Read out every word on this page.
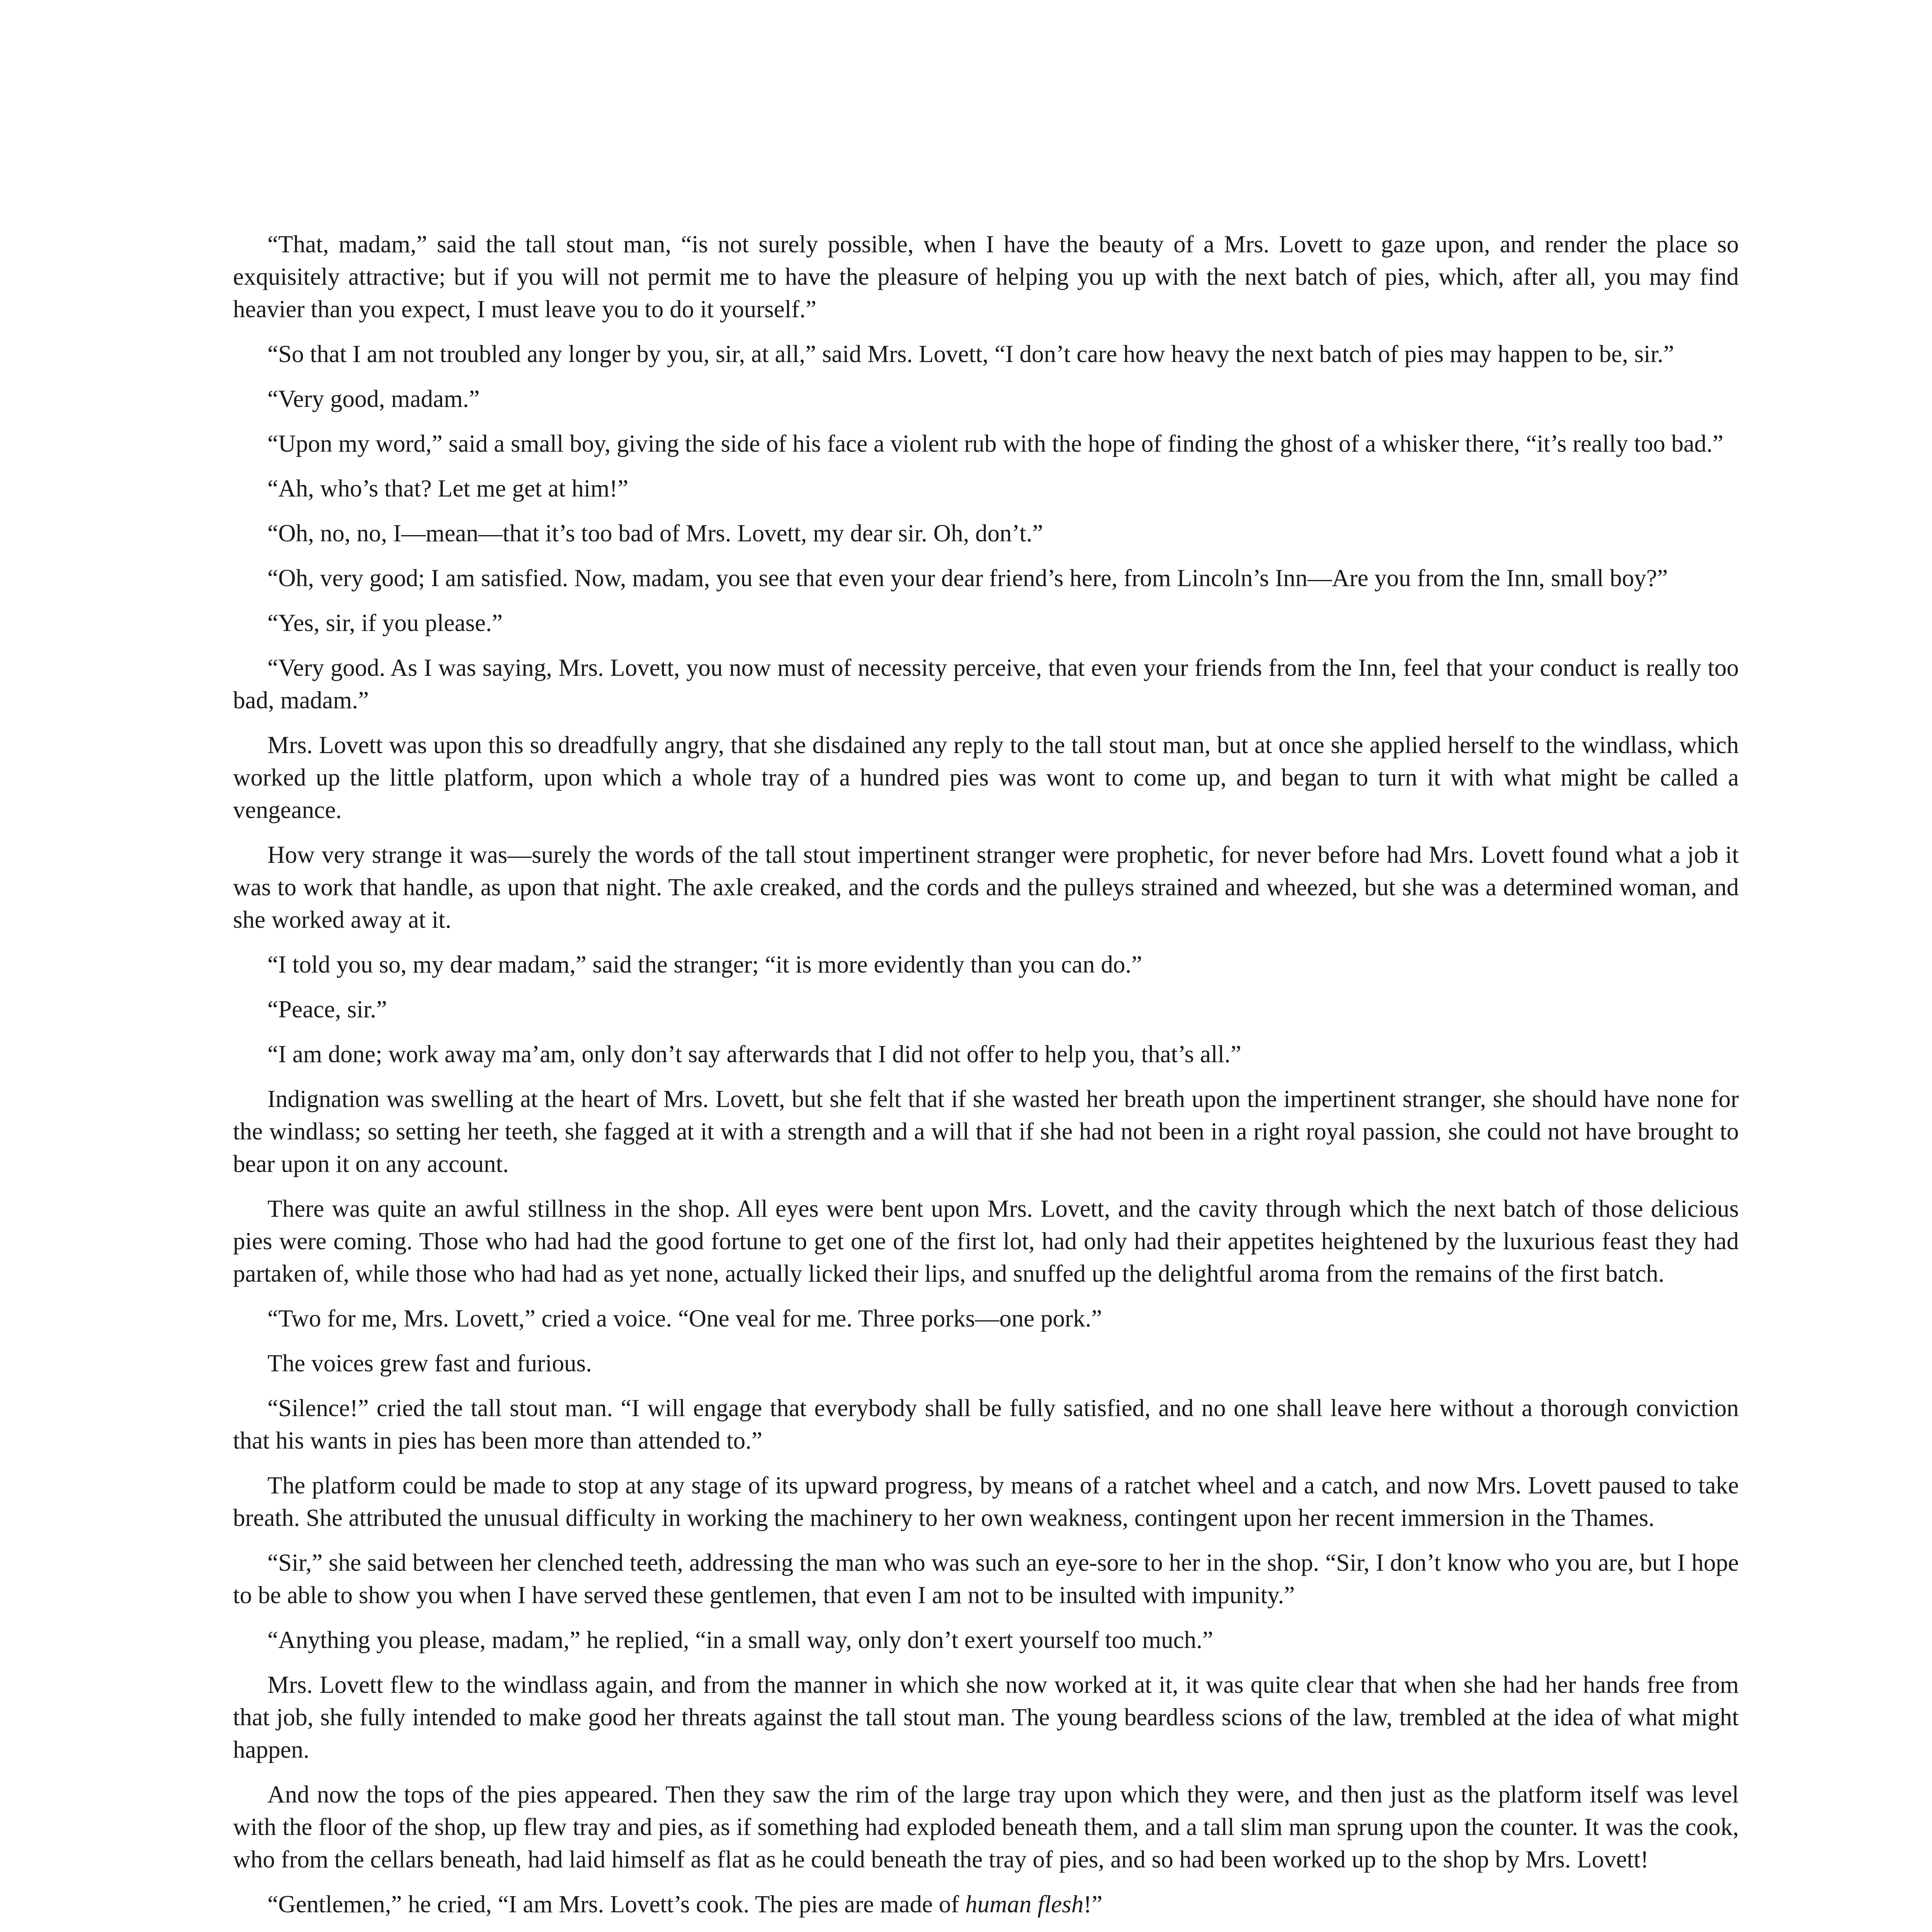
“That, madam,” said the tall stout man, “is not surely possible, when I have the beauty of a Mrs. Lovett to gaze upon, and render the place so exquisitely attractive; but if you will not permit me to have the pleasure of helping you up with the next batch of pies, which, after all, you may find heavier than you expect, I must leave you to do it yourself.”

“So that I am not troubled any longer by you, sir, at all,” said Mrs. Lovett, “I don’t care how heavy the next batch of pies may happen to be, sir.”

“Very good, madam.”

“Upon my word,” said a small boy, giving the side of his face a violent rub with the hope of finding the ghost of a whisker there, “it’s really too bad.”

“Ah, who’s that? Let me get at him!”

“Oh, no, no, I—mean—that it’s too bad of Mrs. Lovett, my dear sir. Oh, don’t.”

“Oh, very good; I am satisfied. Now, madam, you see that even your dear friend’s here, from Lincoln’s Inn—Are you from the Inn, small boy?”

“Yes, sir, if you please.”

“Very good. As I was saying, Mrs. Lovett, you now must of necessity perceive, that even your friends from the Inn, feel that your conduct is really too bad, madam.”

Mrs. Lovett was upon this so dreadfully angry, that she disdained any reply to the tall stout man, but at once she applied herself to the windlass, which worked up the little platform, upon which a whole tray of a hundred pies was wont to come up, and began to turn it with what might be called a vengeance.

How very strange it was—surely the words of the tall stout impertinent stranger were prophetic, for never before had Mrs. Lovett found what a job it was to work that handle, as upon that night. The axle creaked, and the cords and the pulleys strained and wheezed, but she was a determined woman, and she worked away at it.

“I told you so, my dear madam,” said the stranger; “it is more evidently than you can do.”

“Peace, sir.”

“I am done; work away ma’am, only don’t say afterwards that I did not offer to help you, that’s all.”

Indignation was swelling at the heart of Mrs. Lovett, but she felt that if she wasted her breath upon the impertinent stranger, she should have none for the windlass; so setting her teeth, she fagged at it with a strength and a will that if she had not been in a right royal passion, she could not have brought to bear upon it on any account.

There was quite an awful stillness in the shop. All eyes were bent upon Mrs. Lovett, and the cavity through which the next batch of those delicious pies were coming. Those who had had the good fortune to get one of the first lot, had only had their appetites heightened by the luxurious feast they had partaken of, while those who had had as yet none, actually licked their lips, and snuffed up the delightful aroma from the remains of the first batch.

“Two for me, Mrs. Lovett,” cried a voice. “One veal for me. Three porks—one pork.”

The voices grew fast and furious.

“Silence!” cried the tall stout man. “I will engage that everybody shall be fully satisfied, and no one shall leave here without a thorough conviction that his wants in pies has been more than attended to.”

The platform could be made to stop at any stage of its upward progress, by means of a ratchet wheel and a catch, and now Mrs. Lovett paused to take breath. She attributed the unusual difficulty in working the machinery to her own weakness, contingent upon her recent immersion in the Thames.

“Sir,” she said between her clenched teeth, addressing the man who was such an eye-sore to her in the shop. “Sir, I don’t know who you are, but I hope to be able to show you when I have served these gentlemen, that even I am not to be insulted with impunity.”

“Anything you please, madam,” he replied, “in a small way, only don’t exert yourself too much.”

Mrs. Lovett flew to the windlass again, and from the manner in which she now worked at it, it was quite clear that when she had her hands free from that job, she fully intended to make good her threats against the tall stout man. The young beardless scions of the law, trembled at the idea of what might happen.

And now the tops of the pies appeared. Then they saw the rim of the large tray upon which they were, and then just as the platform itself was level with the floor of the shop, up flew tray and pies, as if something had exploded beneath them, and a tall slim man sprung upon the counter. It was the cook, who from the cellars beneath, had laid himself as flat as he could beneath the tray of pies, and so had been worked up to the shop by Mrs. Lovett!

“Gentlemen,” he cried, “I am Mrs. Lovett’s cook. The pies are made of human flesh!”
